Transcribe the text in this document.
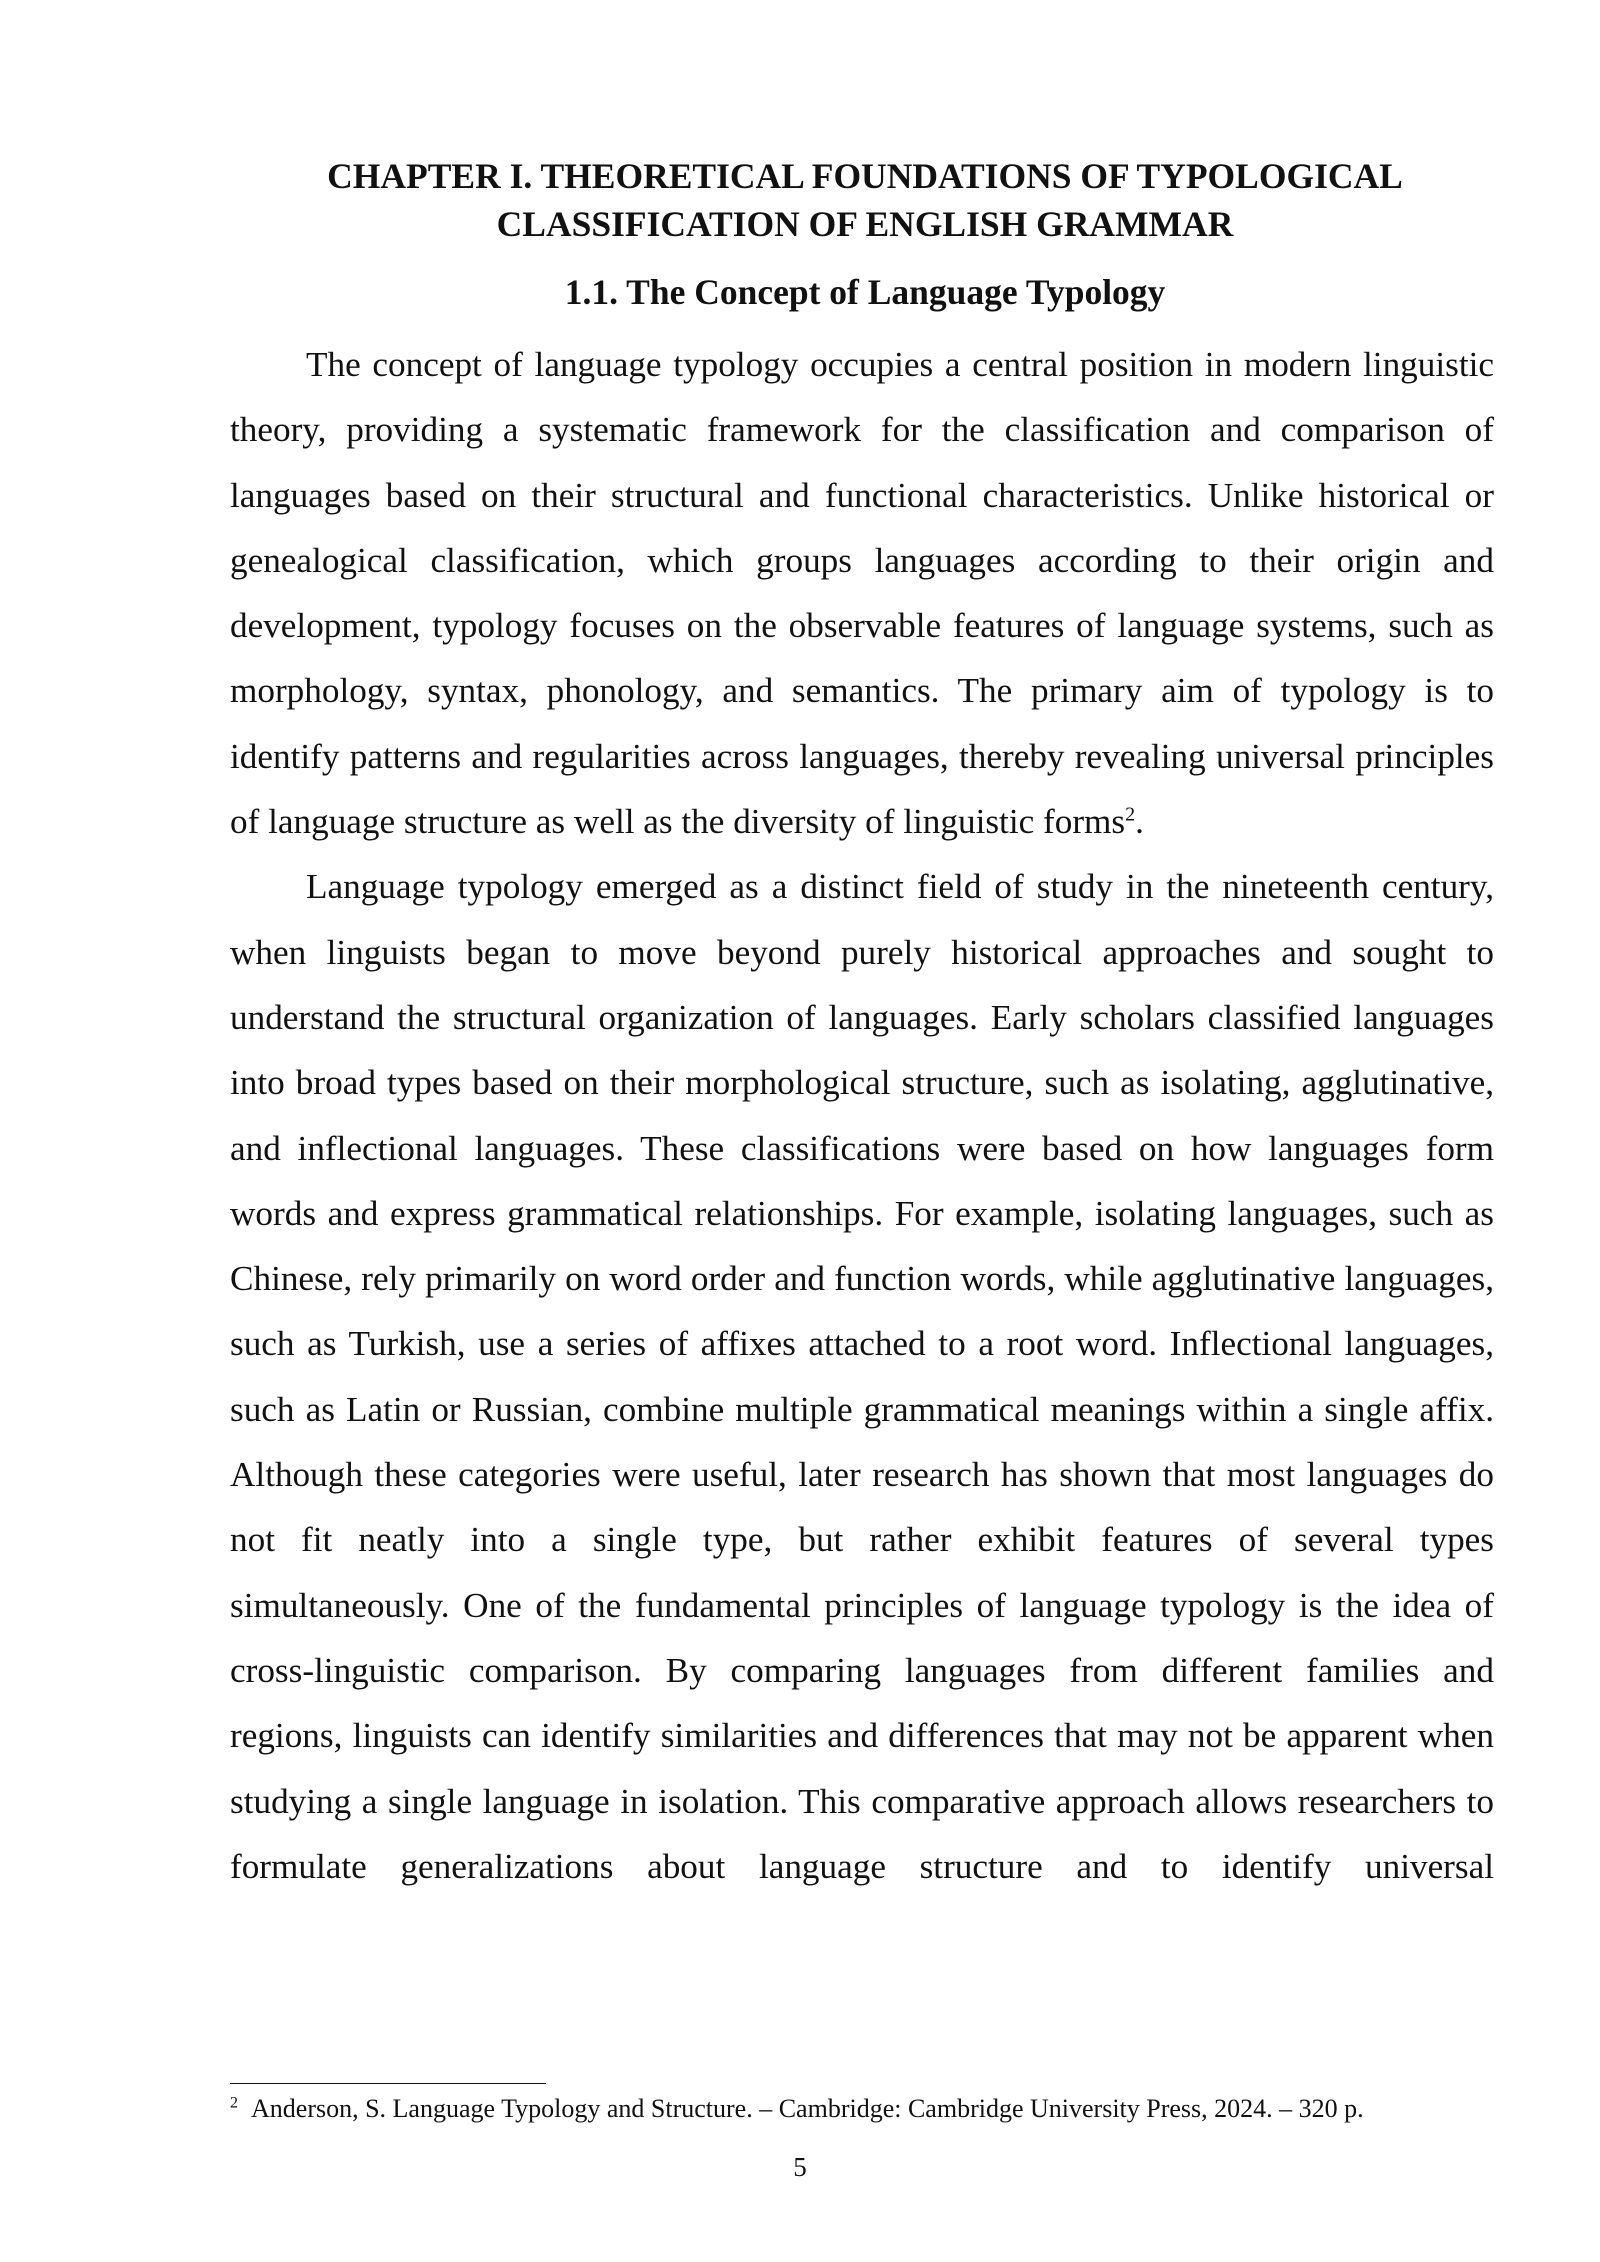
CHAPTER I. THEORETICAL FOUNDATIONS OF TYPOLOGICAL CLASSIFICATION OF ENGLISH GRAMMAR
1.1. The Concept of Language Typology

The concept of language typology occupies a central position in modern linguistic theory, providing a systematic framework for the classification and comparison of languages based on their structural and functional characteristics. Unlike historical or genealogical classification, which groups languages according to their origin and development, typology focuses on the observable features of language systems, such as morphology, syntax, phonology, and semantics. The primary aim of typology is to identify patterns and regularities across languages, thereby revealing universal principles of language structure as well as the diversity of linguistic forms$^2$.

Language typology emerged as a distinct field of study in the nineteenth century, when linguists began to move beyond purely historical approaches and sought to understand the structural organization of languages. Early scholars classified languages into broad types based on their morphological structure, such as isolating, agglutinative, and inflectional languages. These classifications were based on how languages form words and express grammatical relationships. For example, isolating languages, such as Chinese, rely primarily on word order and function words, while agglutinative languages, such as Turkish, use a series of affixes attached to a root word. Inflectional languages, such as Latin or Russian, combine multiple grammatical meanings within a single affix. Although these categories were useful, later research has shown that most languages do not fit neatly into a single type, but rather exhibit features of several types simultaneously. One of the fundamental principles of language typology is the idea of cross-linguistic comparison. By comparing languages from different families and regions, linguists can identify similarities and differences that may not be apparent when studying a single language in isolation. This comparative approach allows researchers to formulate generalizations about language structure and to identify universal

$^2$ Anderson, S. Language Typology and Structure. – Cambridge: Cambridge University Press, 2024. – 320 p.
5
